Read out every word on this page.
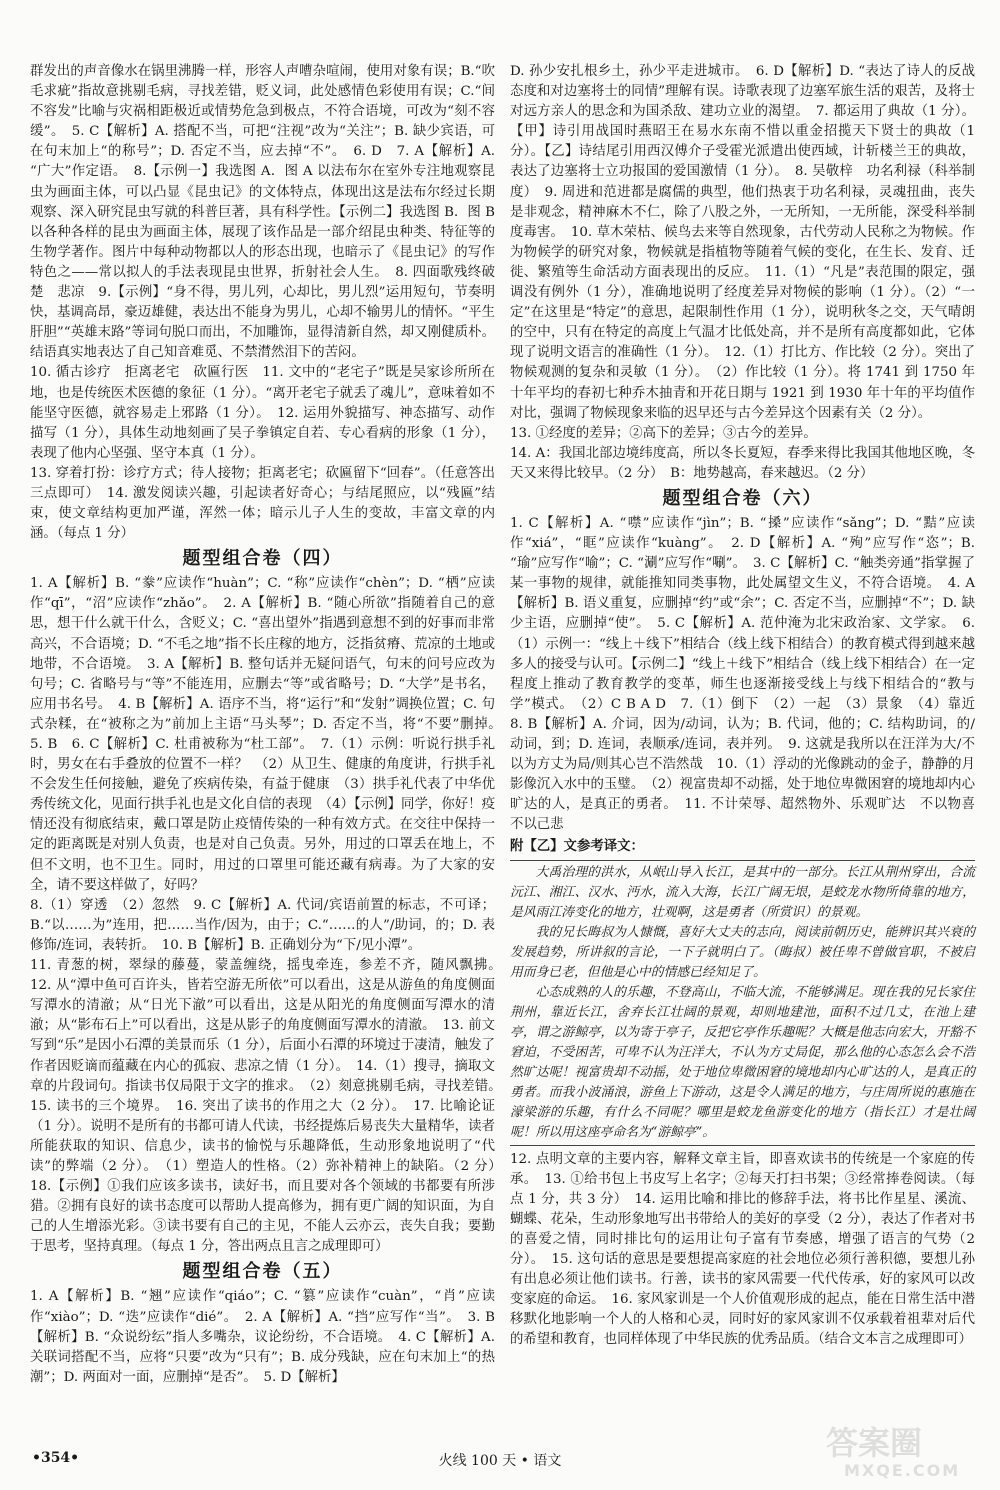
群发出的声音像水在锅里沸腾一样，形容人声嘈杂喧闹，使用对象有误；B.“吹毛求疵”指故意挑剔毛病，寻找差错，贬义词，此处感情色彩使用有误；C.“间不容发”比喻与灾祸相距极近或情势危急到极点，不符合语境，可改为“刻不容缓”。　5. C【解析】A. 搭配不当，可把“注视”改为“关注”；B. 缺少宾语，可在句末加上“的称号”；D. 否定不当，应去掉“不”。　6. D　7. A【解析】A. “广大”作定语。　8.【示例一】我选图 A．图 A 以法布尔在室外专注地观察昆虫为画面主体，可以凸显《昆虫记》的文体特点，体现出这是法布尔经过长期观察、深入研究昆虫写就的科普巨著，具有科学性。【示例二】我选图 B．图 B 以各种各样的昆虫为画面主体，展现了该作品是一部介绍昆虫种类、特征等的生物学著作。图片中每种动物都以人的形态出现，也暗示了《昆虫记》的写作特色之——常以拟人的手法表现昆虫世界，折射社会人生。　8. 四面歌残终破楚　悲凉　9.【示例】“身不得，男儿列，心却比，男儿烈”运用短句，节奏明快，基调高昂，豪迈雄健，表达出不能身为男儿，心却不输男儿的情怀。“平生肝胆”“英雄末路”等词句脱口而出，不加雕饰，显得清新自然，却又刚健质朴。结语真实地表达了自己知音难觅、不禁潸然泪下的苦闷。

10. 循古诊疗　拒离老宅　砍匾行医　11. 文中的“老宅子”既是吴家诊所所在地，也是传统医术医德的象征（1 分）。“离开老宅子就丢了魂儿”，意味着如不能坚守医德，就容易走上邪路（1 分）。　12. 运用外貌描写、神态描写、动作描写（1 分），具体生动地刻画了吴子拳镇定自若、专心看病的形象（1 分），表现了他内心坚强、坚守本真（1 分）。

13. 穿着打扮：诊疗方式；待人接物；拒离老宅；砍匾留下“回春”。（任意答出三点即可）　14. 激发阅读兴趣，引起读者好奇心；与结尾照应，以“残匾”结束，使文章结构更加严谨，浑然一体；暗示儿子人生的变故，丰富文章的内涵。（每点 1 分）

题型组合卷（四）

1. A【解析】B. “豢”应读作“huàn”；C. “称”应读作“chèn”；D. “栖”应读作“qī”，“沼”应读作“zhǎo”。　2. A【解析】B. “随心所欲”指随着自己的意思，想干什么就干什么，含贬义；C. “喜出望外”指遇到意想不到的好事而非常高兴，不合语境；D. “不毛之地”指不长庄稼的地方，泛指贫瘠、荒凉的土地或地带，不合语境。　3. A【解析】B. 整句话并无疑问语气，句末的问号应改为句号；C. 省略号与“等”不能连用，应删去“等”或省略号；D. “大学”是书名，应用书名号。　4. B【解析】A. 语序不当，将“运行”和“发射”调换位置；C. 句式杂糅，在“被称之为”前加上主语“马头琴”；D. 否定不当，将“不要”删掉。　5. B　6. C【解析】C. 杜甫被称为“杜工部”。　7.（1）示例：听说行拱手礼时，男女在右手叠放的位置不一样？　（2）从卫生、健康的角度讲，行拱手礼不会发生任何接触，避免了疾病传染，有益于健康　（3）拱手礼代表了中华优秀传统文化，见面行拱手礼也是文化自信的表现　（4）【示例】同学，你好！疫情还没有彻底结束，戴口罩是防止疫情传染的一种有效方式。在交往中保持一定的距离既是对别人负责，也是对自己负责。另外，用过的口罩丢在地上，不但不文明，也不卫生。同时，用过的口罩里可能还藏有病毒。为了大家的安全，请不要这样做了，好吗？

8.（1）穿透　（2）忽然　9. C【解析】A. 代词/宾语前置的标志，不可译；B.“以……为”连用，把……当作/因为，由于；C.“……的人”/助词，的；D. 表修饰/连词，表转折。　10. B【解析】B. 正确划分为“下/见小潭”。

11. 青葱的树，翠绿的藤蔓，蒙盖缠绕，摇曳牵连，参差不齐，随风飘拂。　12. 从“潭中鱼可百许头，皆若空游无所依”可以看出，这是从游鱼的角度侧面写潭水的清澈；从“日光下澈”可以看出，这是从阳光的角度侧面写潭水的清澈；从“影布石上”可以看出，这是从影子的角度侧面写潭水的清澈。　13. 前文写到“乐”是因小石潭的美景而乐（1 分），后面小石潭的环境过于凄清，触发了作者因贬谪而蕴藏在内心的孤寂、悲凉之情（1 分）。　14.（1）搜寻，摘取文章的片段词句。指读书仅局限于文字的推求。　（2）刻意挑剔毛病，寻找差错。　15. 读书的三个境界。　16. 突出了读书的作用之大（2 分）。　17. 比喻论证（1 分）。说明不是所有的书都可请人代读，书经提炼后易丧失大量精华，读者所能获取的知识、信息少，读书的愉悦与乐趣降低，生动形象地说明了“代读”的弊端（2 分）。　（1）塑造人的性格。（2）弥补精神上的缺陷。（2 分）　18.【示例】①我们应该多读书，读好书，而且要对各个领域的书都要有所涉猎。②拥有良好的读书态度可以帮助人提高修为，拥有更广阔的知识面，为自己的人生增添光彩。③读书要有自己的主见，不能人云亦云，丧失自我；要勤于思考，坚持真理。（每点 1 分，答出两点且言之成理即可）

题型组合卷（五）

1. A【解析】B. “翘”应读作“qiáo”；C. “篡”应读作“cuàn”，“肖”应读作“xiào”；D. “迭”应读作“dié”。　2. A【解析】A. “挡”应写作“当”。　3. B【解析】B. “众说纷纭”指人多嘴杂，议论纷纷，不合语境。　4. C【解析】A. 关联词搭配不当，应将“只要”改为“只有”；B. 成分残缺，应在句末加上“的热潮”；D. 两面对一面，应删掉“是否”。　5. D【解析】

D. 孙少安扎根乡土，孙少平走进城市。　6. D【解析】D. “表达了诗人的反战态度和对边塞将士的同情”理解有误。诗歌表现了边塞军旅生活的艰苦，及将士对远方亲人的思念和为国杀敌、建功立业的渴望。　7. 都运用了典故（1 分）。【甲】诗引用战国时燕昭王在易水东南不惜以重金招揽天下贤士的典故（1 分）。【乙】诗结尾引用西汉傅介子受霍光派遣出使西域，计斩楼兰王的典故，表达了边塞将士立功报国的爱国激情（1 分）。　8. 吴敬梓　功名利禄（科举制度）　9. 周进和范进都是腐儒的典型，他们热衷于功名利禄，灵魂扭曲，丧失是非观念，精神麻木不仁，除了八股之外，一无所知，一无所能，深受科举制度毒害。　10. 草木荣枯、候鸟去来等自然现象，古代劳动人民称之为物候。作为物候学的研究对象，物候就是指植物等随着气候的变化，在生长、发育、迁徙、繁殖等生命活动方面表现出的反应。　11.（1）“凡是”表范围的限定，强调没有例外（1 分），准确地说明了经度差异对物候的影响（1 分）。（2）“一定”在这里是“特定”的意思，起限制性作用（1 分），说明秋冬之交，天气晴朗的空中，只有在特定的高度上气温才比低处高，并不是所有高度都如此，它体现了说明文语言的准确性（1 分）。　12.（1）打比方、作比较（2 分）。突出了物候观测的复杂和灵敏（1 分）。　（2）作比较（1 分）。将 1741 到 1750 年十年平均的春初七种乔木抽青和开花日期与 1921 到 1930 年十年的平均值作对比，强调了物候现象来临的迟早还与古今差异这个因素有关（2 分）。

13. ①经度的差异；②高下的差异；③古今的差异。

14. A：我国北部边境纬度高，所以冬长夏短，春季来得比我国其他地区晚，冬天又来得比较早。（2 分）　B：地势越高，春来越迟。（2 分）

题型组合卷（六）

1. C【解析】A. “噤”应读作“jìn”；B. “搡”应读作“sǎng”；D. “黠”应读作“xiá”，“眶”应读作“kuàng”。　2. D【解析】A. “殉”应写作“恣”；B. “瑜”应写作“喻”；C. “涮”应写作“唰”。　3. C【解析】C. “触类旁通”指掌握了某一事物的规律，就能推知同类事物，此处属望文生义，不符合语境。　4. A【解析】B. 语义重复，应删掉“约”或“余”；C. 否定不当，应删掉“不”；D. 缺少主语，应删掉“使”。　5. C【解析】A. 范仲淹为北宋政治家、文学家。　6.（1）示例一：“线上＋线下”相结合（线上线下相结合）的教育模式得到越来越多人的接受与认可。【示例二】“线上＋线下”相结合（线上线下相结合）在一定程度上推动了教育教学的变革，师生也逐渐接受线上与线下相结合的“教与学”模式。　（2）C B A D　7.（1）倒下　（2）一起　（3）景象　（4）靠近　8. B【解析】A. 介词，因为/动词，认为；B. 代词，他的；C. 结构助词，的/动词，到；D. 连词，表顺承/连词，表并列。　9. 这就是我所以在汪洋为大/不以为方丈为局/则其心岂不浩然哉　10.（1）浮动的光像跳动的金子，静静的月影像沉入水中的玉璧。　（2）视富贵却不动摇，处于地位卑微困窘的境地却内心旷达的人，是真正的勇者。　11. 不计荣辱、超然物外、乐观旷达　不以物喜　不以己悲

附【乙】文参考译文：

大禹治理的洪水，从岷山导入长江，是其中的一部分。长江从荆州穿出，合流沅江、湘江、汉水、沔水，流入大海，长江广阔无垠，是蛟龙水物所倚靠的地方，是风雨江涛变化的地方，壮观啊，这是勇者（所赏识）的景观。

我的兄长晦叔为人慷慨，喜好大丈夫的志向，阅读前朝历史，能辨识其兴衰的发展趋势，所讲叙的言论，一下子就明白了。（晦叔）被任卑不曾做官职，不被启用而身已老，但他是心中的情感已经知足了。

心态成熟的人的乐趣，不登高山，不临大流，不能够满足。现在我的兄长家住荆州，靠近长江，舍弃长江壮阔的景观，却则地建池，面积不过几丈，在池上建亭，谓之游鲸亭，以为寄于亭子，反把它亭作乐趣呢？大概是他志向宏大，开豁不窘迫，不受困苦，可卑不认为汪洋大，不认为方丈局促，那么他的心态怎么会不浩然旷达呢！视富贵却不动摇，处于地位卑微困窘的境地却内心旷达的人，是真正的勇者。而我小波涌浪，游鱼上下游动，这是令人满足的地方，与庄周所说的惠施在濠梁游的乐趣，有什么不同呢？哪里是蛟龙鱼游变化的地方（指长江）才是壮阔呢！所以用这座亭命名为“游鲸亭”。

12. 点明文章的主要内容，解释文章主旨，即喜欢读书的传统是一个家庭的传承。　13. ①给书包上书皮写上名字；②每天打扫书架；③经常捧卷阅读。（每点 1 分，共 3 分）　14. 运用比喻和排比的修辞手法，将书比作星星、溪流、蝴蝶、花朵，生动形象地写出书带给人的美好的享受（2 分），表达了作者对书的喜爱之情，同时排比句的运用让句子富有节奏感，增强了语言的气势（2 分）。　15. 这句话的意思是要想提高家庭的社会地位必须行善积德，要想儿孙有出息必须让他们读书。行善，读书的家风需要一代代传承，好的家风可以改变家庭的命运。　16. 家风家训是一个人价值观形成的起点，能在日常生活中潜移默化地影响一个人的人格和心灵，同时好的家风家训不仅承载着祖辈对后代的希望和教育，也同样体现了中华民族的优秀品质。（结合文本言之成理即可）

•354•	火线 100 天 • 语文	答案圈
MXQE.COM
